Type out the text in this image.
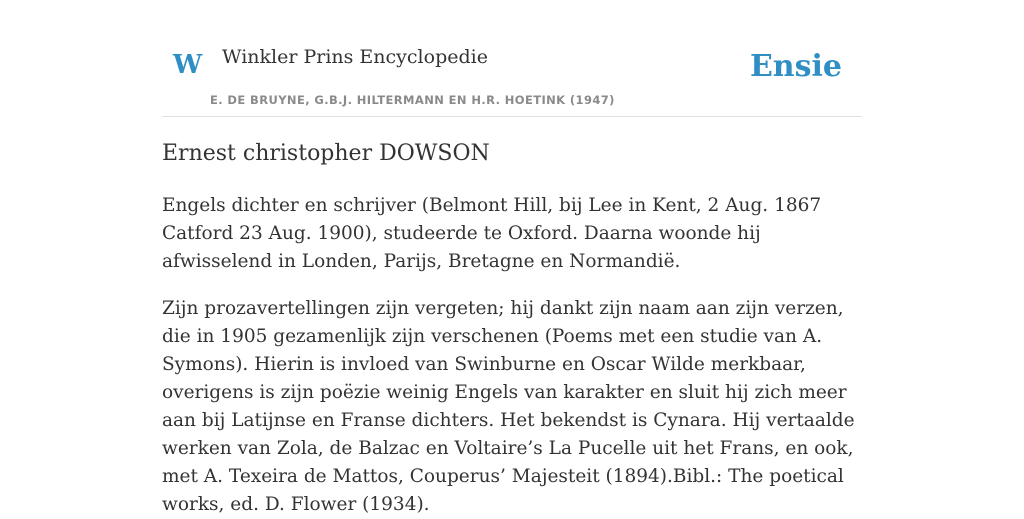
W Winkler Prins Encyclopedie
E. DE BRUYNE, G.B.J. HILTERMANN EN H.R. HOETINK (1947)
Ensie
Ernest christopher DOWSON

Engels dichter en schrijver (Belmont Hill, bij Lee in Kent, 2 Aug. 1867 Catford 23 Aug. 1900), studeerde te Oxford. Daarna woonde hij afwisselend in Londen, Parijs, Bretagne en Normandië.

Zijn prozavertellingen zijn vergeten; hij dankt zijn naam aan zijn verzen, die in 1905 gezamenlijk zijn verschenen (Poems met een studie van A. Symons). Hierin is invloed van Swinburne en Oscar Wilde merkbaar, overigens is zijn poëzie weinig Engels van karakter en sluit hij zich meer aan bij Latijnse en Franse dichters. Het bekendst is Cynara. Hij vertaalde werken van Zola, de Balzac en Voltaire’s La Pucelle uit het Frans, en ook, met A. Texeira de Mattos, Couperus’ Majesteit (1894).Bibl.: The poetical works, ed. D. Flower (1934).
